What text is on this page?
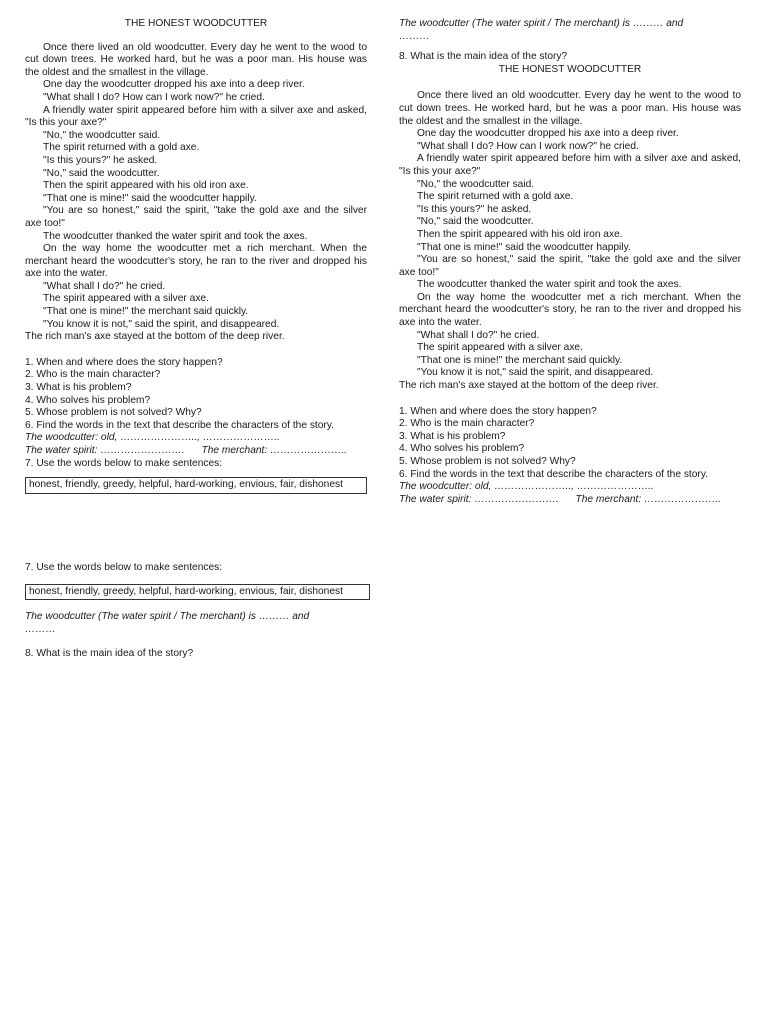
THE HONEST WOODCUTTER

Once there lived an old woodcutter. Every day he went to the wood to cut down trees. He worked hard, but he was a poor man. His house was the oldest and the smallest in the village.

One day the woodcutter dropped his axe into a deep river.

"What shall I do? How can I work now?" he cried.

A friendly water spirit appeared before him with a silver axe and asked, "Is this your axe?"

"No," the woodcutter said.

The spirit returned with a gold axe.

"Is this yours?" he asked.

"No," said the woodcutter.

Then the spirit appeared with his old iron axe.

"That one is mine!" said the woodcutter happily.

"You are so honest," said the spirit, "take the gold axe and the silver axe too!"

The woodcutter thanked the water spirit and took the axes.

On the way home the woodcutter met a rich merchant. When the merchant heard the woodcutter's story, he ran to the river and dropped his axe into the water.

"What shall I do?" he cried.

The spirit appeared with a silver axe.

"That one is mine!" the merchant said quickly.

"You know it is not," said the spirit, and disappeared.

The rich man's axe stayed at the bottom of the deep river.

1. When and where does the story happen?

2. Who is the main character?

3. What is his problem?

4. Who solves his problem?

5. Whose problem is not solved? Why?

6. Find the words in the text that describe the characters of the story.

The woodcutter: old, ………………….., …………………..

The water spirit: ……………………. The merchant: …………………..

7. Use the words below to make sentences:

honest, friendly, greedy, helpful, hard-working, envious, fair, dishonest

7. Use the words below to make sentences:

honest, friendly, greedy, helpful, hard-working, envious, fair, dishonest

The woodcutter (The water spirit / The merchant) is ……… and

………

8. What is the main idea of the story?

The woodcutter (The water spirit / The merchant) is ……… and

………

8. What is the main idea of the story?

THE HONEST WOODCUTTER

Once there lived an old woodcutter. Every day he went to the wood to cut down trees. He worked hard, but he was a poor man. His house was the oldest and the smallest in the village.

One day the woodcutter dropped his axe into a deep river.

"What shall I do? How can I work now?" he cried.

A friendly water spirit appeared before him with a silver axe and asked, "Is this your axe?"

"No," the woodcutter said.

The spirit returned with a gold axe.

"Is this yours?" he asked.

"No," said the woodcutter.

Then the spirit appeared with his old iron axe.

"That one is mine!" said the woodcutter happily.

"You are so honest," said the spirit, "take the gold axe and the silver axe too!"

The woodcutter thanked the water spirit and took the axes.

On the way home the woodcutter met a rich merchant. When the merchant heard the woodcutter's story, he ran to the river and dropped his axe into the water.

"What shall I do?" he cried.

The spirit appeared with a silver axe.

"That one is mine!" the merchant said quickly.

"You know it is not," said the spirit, and disappeared.

The rich man's axe stayed at the bottom of the deep river.

1. When and where does the story happen?

2. Who is the main character?

3. What is his problem?

4. Who solves his problem?

5. Whose problem is not solved? Why?

6. Find the words in the text that describe the characters of the story.

The woodcutter: old, ………………….., …………………..

The water spirit: ……………………. The merchant: …………………..
